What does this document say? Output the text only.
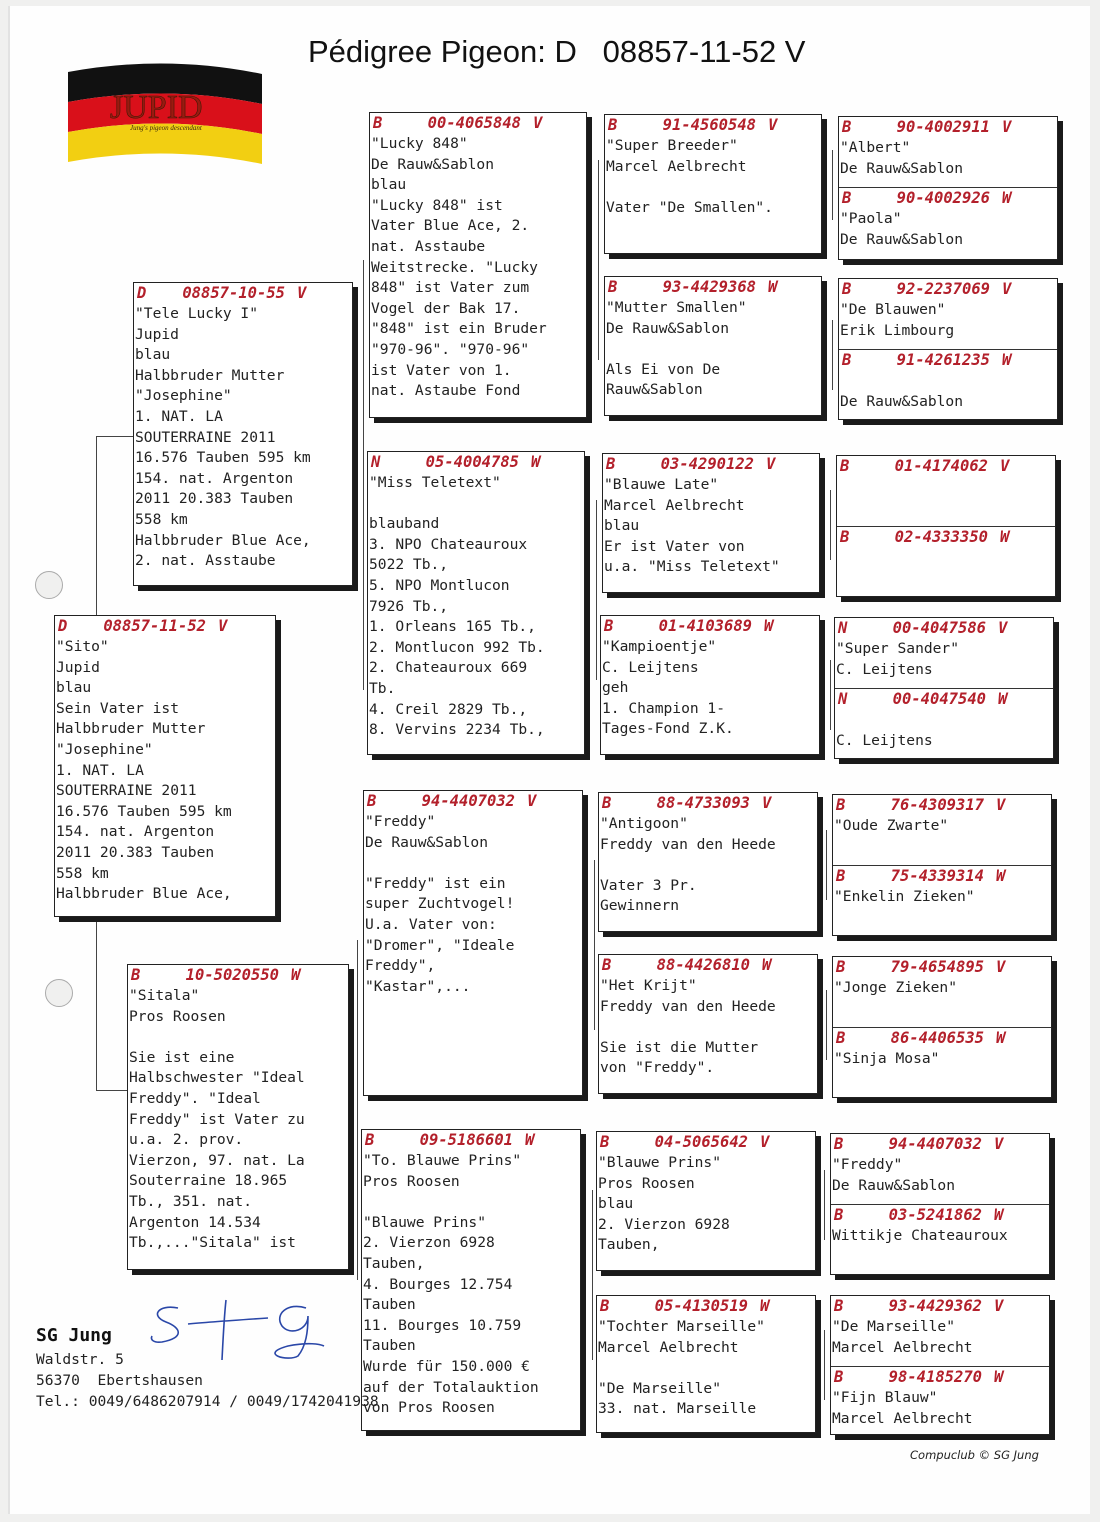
Pédigree Pigeon: D   08857-11-52 V
JUPID
Jung's pigeon descendant
D 08857-11-52 V
"Sito"
Jupid
blau
Sein Vater ist
Halbbruder Mutter
"Josephine"
1. NAT. LA
SOUTERRAINE 2011
16.576 Tauben 595 km
154. nat. Argenton
2011 20.383 Tauben
558 km
Halbbruder Blue Ace,
D 08857-10-55 V
"Tele Lucky I"
Jupid
blau
Halbbruder Mutter
"Josephine"
1. NAT. LA
SOUTERRAINE 2011
16.576 Tauben 595 km
154. nat. Argenton
2011 20.383 Tauben
558 km
Halbbruder Blue Ace,
2. nat. Asstaube
B	10-5020550 W
"Sitala"
Pros Roosen
Sie ist eine
Halbschwester "Ideal
Freddy". "Ideal
Freddy" ist Vater zu
u.a. 2. prov.
Vierzon, 97. nat. La
Souterraine 18.965
Tb., 351. nat.
Argenton 14.534
Tb.,..."Sitala" ist
B	00-4065848 V
"Lucky 848"
De Rauw&Sablon
blau
"Lucky 848" ist
Vater Blue Ace, 2.
nat. Asstaube
Weitstrecke. "Lucky
848" ist Vater zum
Vogel der Bak 17.
"848" ist ein Bruder
"970-96". "970-96"
ist Vater von 1.
nat. Astaube Fond
N	05-4004785 W
"Miss Teletext"
blauband
3. NPO Chateauroux
5022 Tb.,
5. NPO Montlucon
7926 Tb.,
1. Orleans 165 Tb.,
2. Montlucon 992 Tb.
2. Chateauroux 669
Tb.
4. Creil 2829 Tb.,
8. Vervins 2234 Tb.,
B	94-4407032 V
"Freddy"
De Rauw&Sablon
"Freddy" ist ein
super Zuchtvogel!
U.a. Vater von:
"Dromer", "Ideale
Freddy",
"Kastar",...
B	09-5186601 W
"To. Blauwe Prins"
Pros Roosen
"Blauwe Prins"
2. Vierzon 6928
Tauben,
4. Bourges 12.754
Tauben
11. Bourges 10.759
Tauben
Wurde für 150.000 €
auf der Totalauktion
von Pros Roosen
B	91-4560548 V
"Super Breeder"
Marcel Aelbrecht
Vater "De Smallen".
B	93-4429368 W
"Mutter Smallen"
De Rauw&Sablon
Als Ei von De
Rauw&Sablon
B	03-4290122 V
"Blauwe Late"
Marcel Aelbrecht
blau
Er ist Vater von
u.a. "Miss Teletext"
B	01-4103689 W
"Kampioentje"
C. Leijtens
geh
1. Champion 1-
Tages-Fond Z.K.
B	88-4733093 V
"Antigoon"
Freddy van den Heede
Vater 3 Pr.
Gewinnern
B	88-4426810 W
"Het Krijt"
Freddy van den Heede
Sie ist die Mutter
von "Freddy".
B	04-5065642 V
"Blauwe Prins"
Pros Roosen
blau
2. Vierzon 6928
Tauben,
B	05-4130519 W
"Tochter Marseille"
Marcel Aelbrecht
"De Marseille"
33. nat. Marseille
B	90-4002911 V
"Albert"
De Rauw&Sablon
B	90-4002926 W
"Paola"
De Rauw&Sablon
B	92-2237069 V
"De Blauwen"
Erik Limbourg
B	91-4261235 W
De Rauw&Sablon
B	01-4174062 V
B	02-4333350 W
N	00-4047586 V
"Super Sander"
C. Leijtens
N	00-4047540 W
C. Leijtens
B	76-4309317 V
"Oude Zwarte"
B	75-4339314 W
"Enkelin Zieken"
B	79-4654895 V
"Jonge Zieken"
B	86-4406535 W
"Sinja Mosa"
B	94-4407032 V
"Freddy"
De Rauw&Sablon
B	03-5241862 W
Wittikje Chateauroux
B	93-4429362 V
"De Marseille"
Marcel Aelbrecht
B	98-4185270 W
"Fijn Blauw"
Marcel Aelbrecht
SG Jung
Waldstr. 5
56370  Ebertshausen
Tel.: 0049/6486207914 / 0049/1742041938
Compuclub © SG Jung
